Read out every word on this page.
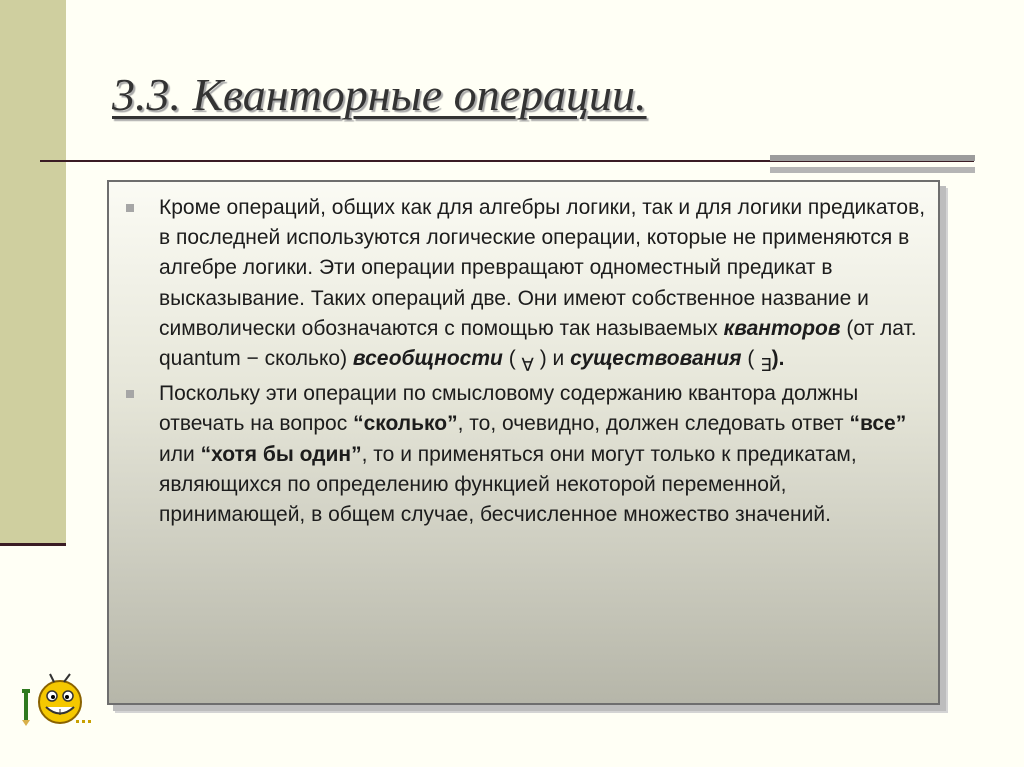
3.3. Кванторные операции.
Кроме операций, общих как для алгебры логики, так и для логики предикатов, в последней используются логические операции, которые не применяются в алгебре логики. Эти операции превращают одноместный предикат в высказывание. Таких операций две. Они имеют собственное название и символически обозначаются с помощью так называемых кванторов (от лат. quantum − сколько) всеобщности ( ∀ ) и существования ( ∃).
Поскольку эти операции по смысловому содержанию квантора должны отвечать на вопрос “сколько”, то, очевидно, должен следовать ответ “все” или “хотя бы один”, то и применяться они могут только к предикатам, являющихся по определению функцией некоторой переменной, принимающей, в общем случае, бесчисленное множество значений.
